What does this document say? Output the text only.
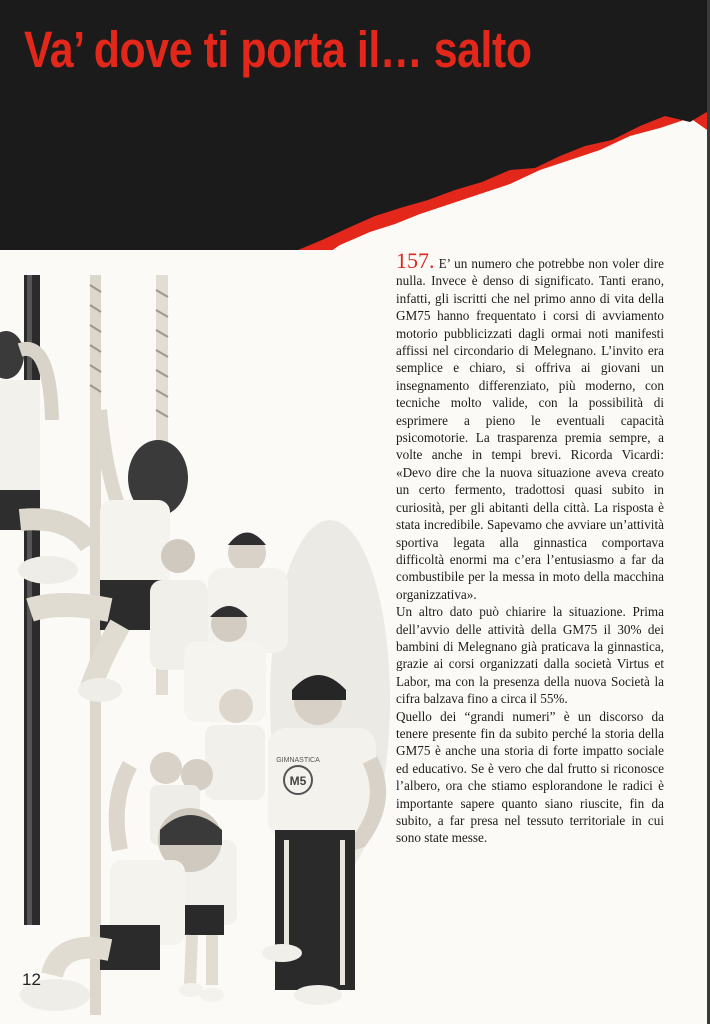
Va’ dove ti porta il… salto
M5
GIMNASTICA

157. E’ un numero che potrebbe non voler dire nulla. Invece è denso di significato. Tanti erano, infatti, gli iscritti che nel primo anno di vita della GM75 hanno frequentato i corsi di avviamento motorio pubblicizzati dagli ormai noti manifesti affissi nel circondario di Melegnano. L’invito era semplice e chiaro, si offriva ai giovani un insegnamento differenziato, più moderno, con tecniche molto valide, con la possibilità di esprimere a pieno le eventuali capacità psicomotorie. La trasparenza premia sempre, a volte anche in tempi brevi. Ricorda Vicardi: «Devo dire che la nuova situazione aveva creato un certo fermento, tradottosi quasi subito in curiosità, per gli abitanti della città. La risposta è stata incredibile. Sapevamo che avviare un’attività sportiva legata alla ginnastica comportava difficoltà enormi ma c’era l’entusiasmo a far da combustibile per la messa in moto della macchina organizzativa».

Un altro dato può chiarire la situazione. Prima dell’avvio delle attività della GM75 il 30% dei bambini di Melegnano già praticava la ginnastica, grazie ai corsi organizzati dalla società Virtus et Labor, ma con la presenza della nuova Società la cifra balzava fino a circa il 55%.

Quello dei “grandi numeri” è un discorso da tenere presente fin da subito perché la storia della GM75 è anche una storia di forte impatto sociale ed educativo. Se è vero che dal frutto si riconosce l’albero, ora che stiamo esplorandone le radici è importante sapere quanto siano riuscite, fin da subito, a far presa nel tessuto territoriale in cui sono state messe.

12
